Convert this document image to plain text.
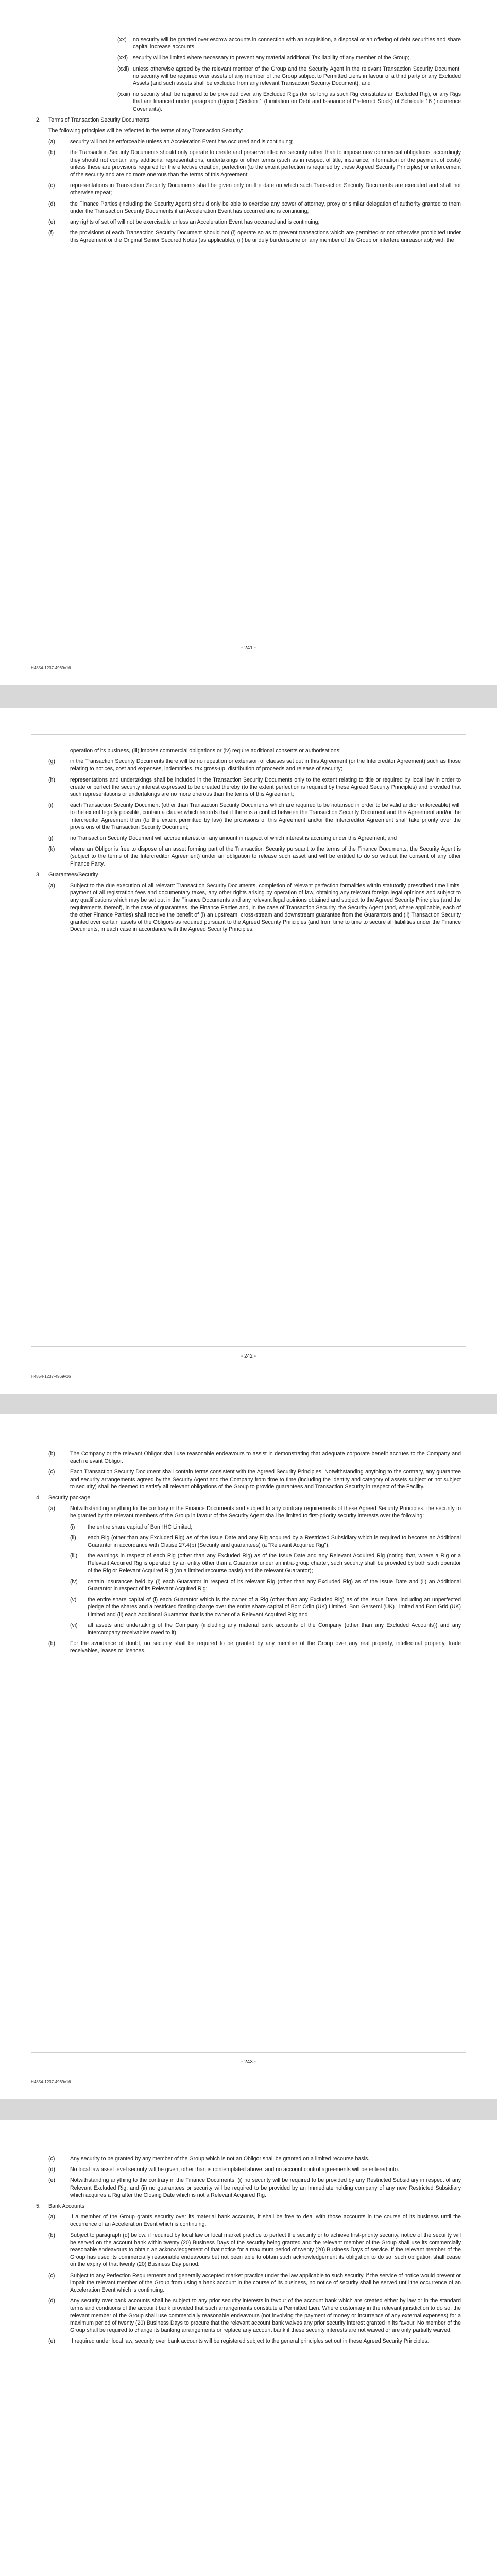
(xx)	no security will be granted over escrow accounts in connection with an acquisition, a disposal or an offering of debt securities and share capital increase accounts;
(xxi) security will be limited where necessary to prevent any material additional Tax liability of any member of the Group;
(xxii) unless otherwise agreed by the relevant member of the Group and the Security Agent in the relevant Transaction Security Document, no security will be required over assets of any member of the Group subject to Permitted Liens in favour of a third party or any Excluded Assets (and such assets shall be excluded from any relevant Transaction Security Document); and
(xxiii) no security shall be required to be provided over any Excluded Rigs (for so long as such Rig constitutes an Excluded Rig), or any Rigs that are financed under paragraph (b)(xxiii) Section 1 (Limitation on Debt and Issuance of Preferred Stock) of Schedule 16 (Incurrence Covenants).
2.	Terms of Transaction Security Documents
The following principles will be reflected in the terms of any Transaction Security:
(a)	security will not be enforceable unless an Acceleration Event has occurred and is continuing;
(b)	the Transaction Security Documents should only operate to create and preserve effective security rather than to impose new commercial obligations; accordingly they should not contain any additional representations, undertakings or other terms (such as in respect of title, insurance, information or the payment of costs) unless these are provisions required for the effective creation, perfection (to the extent perfection is required by these Agreed Security Principles) or enforcement of the security and are no more onerous than the terms of this Agreement;
(c)	representations in Transaction Security Documents shall be given only on the date on which such Transaction Security Documents are executed and shall not otherwise repeat;
(d)	the Finance Parties (including the Security Agent) should only be able to exercise any power of attorney, proxy or similar delegation of authority granted to them under the Transaction Security Documents if an Acceleration Event has occurred and is continuing;
(e)	any rights of set off will not be exercisable unless an Acceleration Event has occurred and is continuing;
(f)	the provisions of each Transaction Security Document should not (i) operate so as to prevent transactions which are permitted or not otherwise prohibited under this Agreement or the Original Senior Secured Notes (as applicable), (ii) be unduly burdensome on any member of the Group or interfere unreasonably with the
- 241 -
H4854-1237-4969v16
operation of its business, (iii) impose commercial obligations or (iv) require additional consents or authorisations;
(g)	in the Transaction Security Documents there will be no repetition or extension of clauses set out in this Agreement (or the Intercreditor Agreement) such as those relating to notices, cost and expenses, indemnities, tax gross-up, distribution of proceeds and release of security;
(h)	representations and undertakings shall be included in the Transaction Security Documents only to the extent relating to title or required by local law in order to create or perfect the security interest expressed to be created thereby (to the extent perfection is required by these Agreed Security Principles) and provided that such representations or undertakings are no more onerous than the terms of this Agreement;
(i)	each Transaction Security Document (other than Transaction Security Documents which are required to be notarised in order to be valid and/or enforceable) will, to the extent legally possible, contain a clause which records that if there is a conflict between the Transaction Security Document and this Agreement and/or the Intercreditor Agreement then (to the extent permitted by law) the provisions of this Agreement and/or the Intercreditor Agreement shall take priority over the provisions of the Transaction Security Document;
(j)	no Transaction Security Document will accrue interest on any amount in respect of which interest is accruing under this Agreement; and
(k)	where an Obligor is free to dispose of an asset forming part of the Transaction Security pursuant to the terms of the Finance Documents, the Security Agent is (subject to the terms of the Intercreditor Agreement) under an obligation to release such asset and will be entitled to do so without the consent of any other Finance Party.
3.	Guarantees/Security
(a)	Subject to the due execution of all relevant Transaction Security Documents, completion of relevant perfection formalities within statutorily prescribed time limits, payment of all registration fees and documentary taxes, any other rights arising by operation of law, obtaining any relevant foreign legal opinions and subject to any qualifications which may be set out in the Finance Documents and any relevant legal opinions obtained and subject to the Agreed Security Principles (and the requirements thereof), in the case of guarantees, the Finance Parties and, in the case of Transaction Security, the Security Agent (and, where applicable, each of the other Finance Parties) shall receive the benefit of (i) an upstream, cross-stream and downstream guarantee from the Guarantors and (ii) Transaction Security granted over certain assets of the Obligors as required pursuant to the Agreed Security Principles (and from time to time to secure all liabilities under the Finance Documents, in each case in accordance with the Agreed Security Principles.
- 242 -
H4854-1237-4969v16
(b)	The Company or the relevant Obligor shall use reasonable endeavours to assist in demonstrating that adequate corporate benefit accrues to the Company and each relevant Obligor.
(c)	Each Transaction Security Document shall contain terms consistent with the Agreed Security Principles. Notwithstanding anything to the contrary, any guarantee and security arrangements agreed by the Security Agent and the Company from time to time (including the identity and category of assets subject or not subject to security) shall be deemed to satisfy all relevant obligations of the Group to provide guarantees and Transaction Security in respect of the Facility.
4.	Security package
(a)	Notwithstanding anything to the contrary in the Finance Documents and subject to any contrary requirements of these Agreed Security Principles, the security to be granted by the relevant members of the Group in favour of the Security Agent shall be limited to first-priority security interests over the following:
(i)	the entire share capital of Borr IHC Limited;
(ii)	each Rig (other than any Excluded Rig) as of the Issue Date and any Rig acquired by a Restricted Subsidiary which is required to become an Additional Guarantor in accordance with Clause 27.4(b) (Security and guarantees) (a "Relevant Acquired Rig");
(iii)	the earnings in respect of each Rig (other than any Excluded Rig) as of the Issue Date and any Relevant Acquired Rig (noting that, where a Rig or a Relevant Acquired Rig is operated by an entity other than a Guarantor under an intra-group charter, such security shall be provided by both such operator of the Rig or Relevant Acquired Rig (on a limited recourse basis) and the relevant Guarantor);
(iv)	certain insurances held by (i) each Guarantor in respect of its relevant Rig (other than any Excluded Rig) as of the Issue Date and (ii) an Additional Guarantor in respect of its Relevant Acquired Rig;
(v)	the entire share capital of (i) each Guarantor which is the owner of a Rig (other than any Excluded Rig) as of the Issue Date, including an unperfected pledge of the shares and a restricted floating charge over the entire share capital of Borr Odin (UK) Limited, Borr Gersemi (UK) Limited and Borr Grid (UK) Limited and (ii) each Additional Guarantor that is the owner of a Relevant Acquired Rig; and
(vi)	all assets and undertaking of the Company (including any material bank accounts of the Company (other than any Excluded Accounts)) and any intercompany receivables owed to it).
(b)	For the avoidance of doubt, no security shall be required to be granted by any member of the Group over any real property, intellectual property, trade receivables, leases or licences.
- 243 -
H4854-1237-4969v16
(c)	Any security to be granted by any member of the Group which is not an Obligor shall be granted on a limited recourse basis.
(d)	No local law asset level security will be given, other than is contemplated above, and no account control agreements will be entered into.
(e)	Notwithstanding anything to the contrary in the Finance Documents: (i) no security will be required to be provided by any Restricted Subsidiary in respect of any Relevant Excluded Rig; and (ii) no guarantees or security will be required to be provided by an Immediate holding company of any new Restricted Subsidiary which acquires a Rig after the Closing Date which is not a Relevant Acquired Rig.
5.	Bank Accounts
(a)	If a member of the Group grants security over its material bank accounts, it shall be free to deal with those accounts in the course of its business until the occurrence of an Acceleration Event which is continuing.
(b)	Subject to paragraph (d) below, if required by local law or local market practice to perfect the security or to achieve first-priority security, notice of the security will be served on the account bank within twenty (20) Business Days of the security being granted and the relevant member of the Group shall use its commercially reasonable endeavours to obtain an acknowledgement of that notice for a maximum period of twenty (20) Business Days of service. If the relevant member of the Group has used its commercially reasonable endeavours but not been able to obtain such acknowledgement its obligation to do so, such obligation shall cease on the expiry of that twenty (20) Business Day period.
(c)	Subject to any Perfection Requirements and generally accepted market practice under the law applicable to such security, if the service of notice would prevent or impair the relevant member of the Group from using a bank account in the course of its business, no notice of security shall be served until the occurrence of an Acceleration Event which is continuing.
(d)	Any security over bank accounts shall be subject to any prior security interests in favour of the account bank which are created either by law or in the standard terms and conditions of the account bank provided that such arrangements constitute a Permitted Lien. Where customary in the relevant jurisdiction to do so, the relevant member of the Group shall use commercially reasonable endeavours (not involving the payment of money or incurrence of any external expenses) for a maximum period of twenty (20) Business Days to procure that the relevant account bank waives any prior security interest granted in its favour. No member of the Group shall be required to change its banking arrangements or replace any account bank if these security interests are not waived or are only partially waived.
(e)	If required under local law, security over bank accounts will be registered subject to the general principles set out in these Agreed Security Principles.
